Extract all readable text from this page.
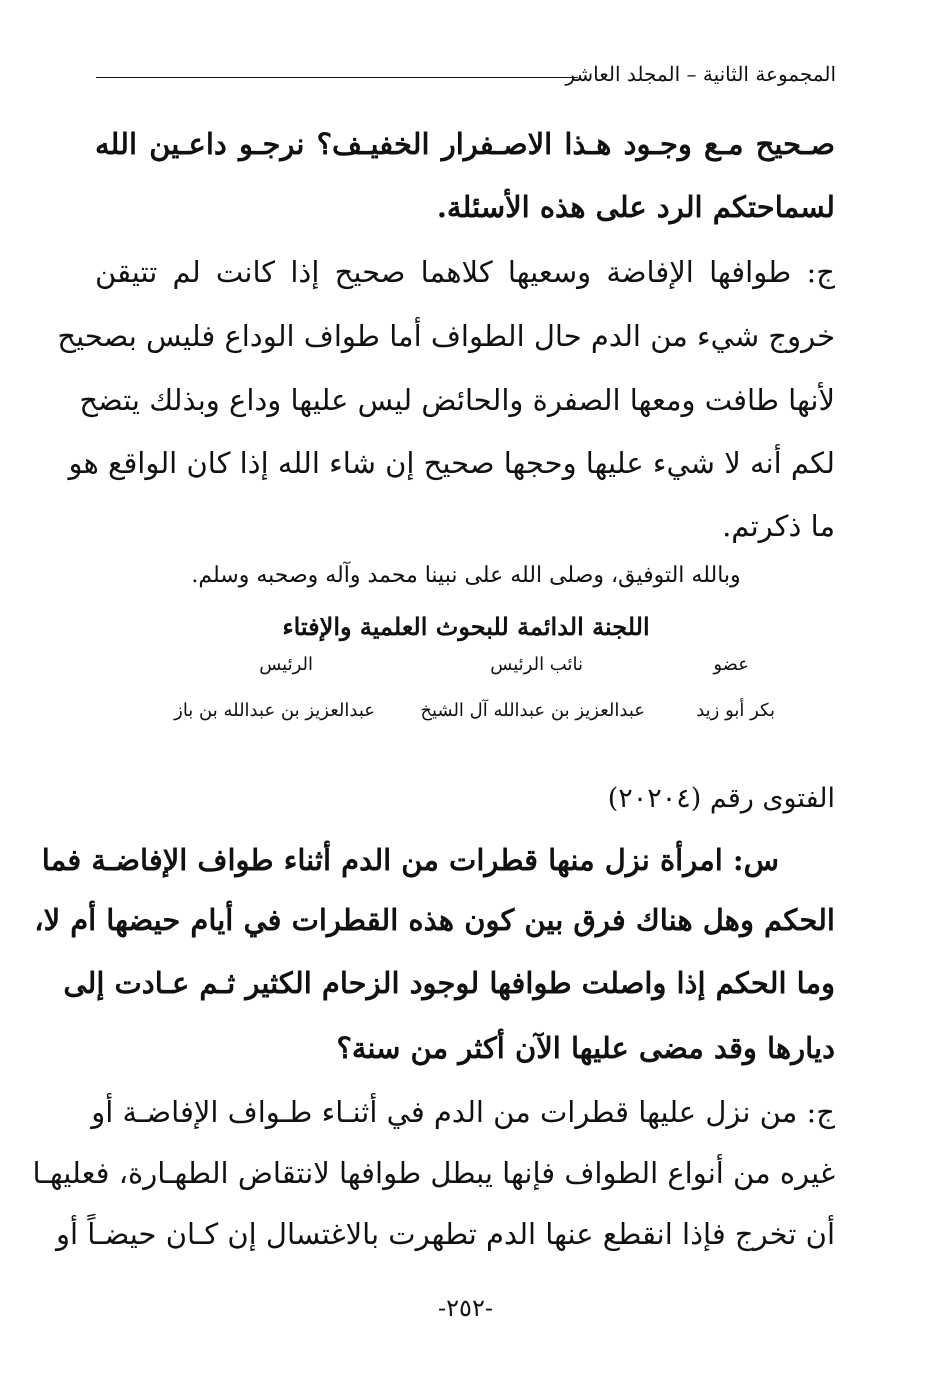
المجموعة الثانية – المجلد العاشر
صـحيح مـع وجـود هـذا الاصـفرار الخفيـف؟ نرجـو داعـين الله
لسماحتكم الرد على هذه الأسئلة.
ج: طوافها الإفاضة وسعيها كلاهما صحيح إذا كانت لم تتيقن
خروج شيء من الدم حال الطواف أما طواف الوداع فليس بصحيح
لأنها طافت ومعها الصفرة والحائض ليس عليها وداع وبذلك يتضح
لكم أنه لا شيء عليها وحجها صحيح إن شاء الله إذا كان الواقع هو
ما ذكرتم.
وبالله التوفيق، وصلى الله على نبينا محمد وآله وصحبه وسلم.
اللجنة الدائمة للبحوث العلمية والإفتاء
عضو
نائب الرئيس
الرئيس
بكر أبو زيد
عبدالعزيز بن عبدالله آل الشيخ
عبدالعزيز بن عبدالله بن باز
الفتوى رقم (٢٠٢٠٤)
س: امرأة نزل منها قطرات من الدم أثناء طواف الإفاضـة فما
الحكم وهل هناك فرق بين كون هذه القطرات في أيام حيضها أم لا،
وما الحكم إذا واصلت طوافها لوجود الزحام الكثير ثـم عـادت إلى
ديارها وقد مضى عليها الآن أكثر من سنة؟
ج: من نزل عليها قطرات من الدم في أثنـاء طـواف الإفاضـة أو
غيره من أنواع الطواف فإنها يبطل طوافها لانتقاض الطهـارة، فعليهـا
أن تخرج فإذا انقطع عنها الدم تطهرت بالاغتسال إن كـان حيضـاً أو
-٢٥٢-
